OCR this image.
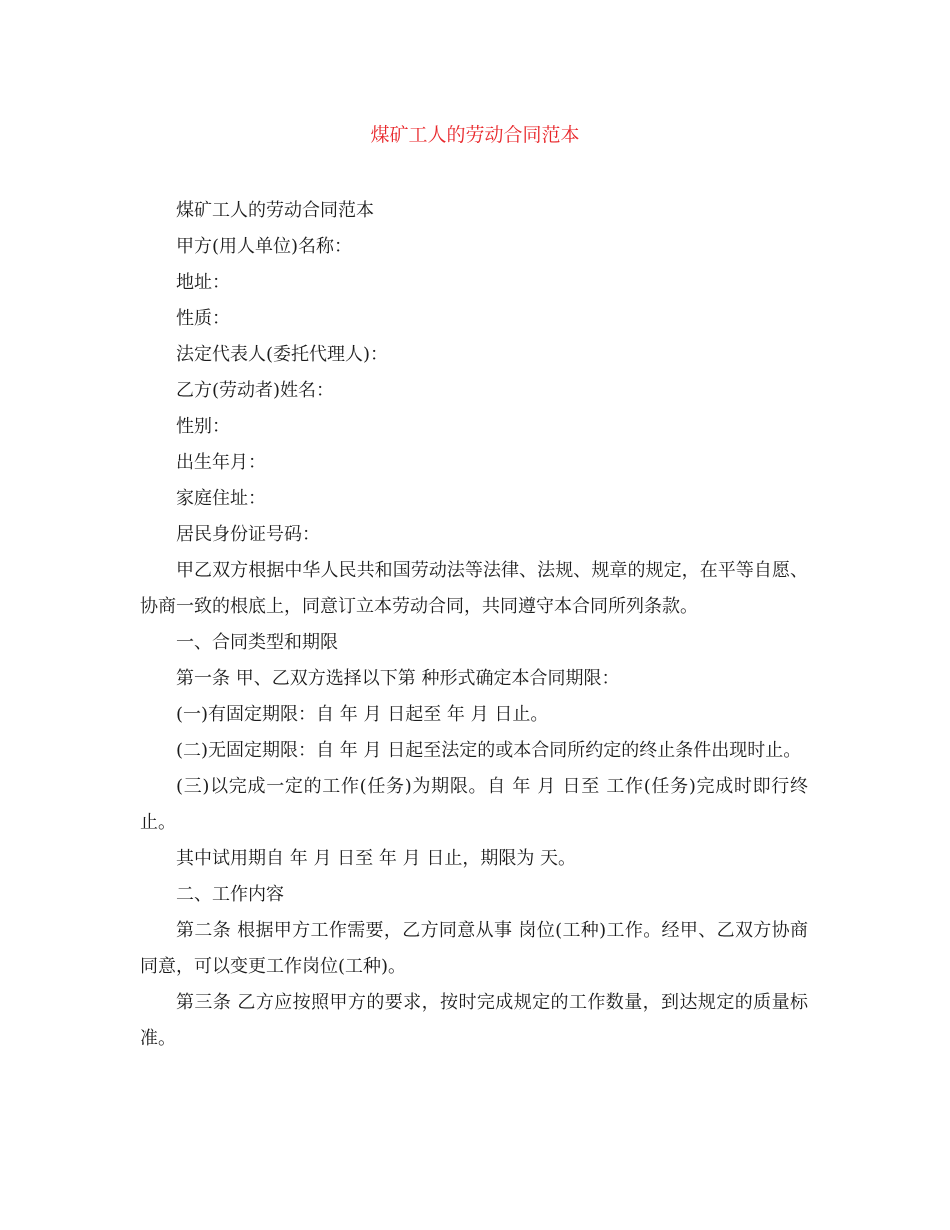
煤矿工人的劳动合同范本

煤矿工人的劳动合同范本

甲方(用人单位)名称：

地址：

性质：

法定代表人(委托代理人)：

乙方(劳动者)姓名：

性别：

出生年月：

家庭住址：

居民身份证号码：

甲乙双方根据中华人民共和国劳动法等法律、法规、规章的规定，在平等自愿、协商一致的根底上，同意订立本劳动合同，共同遵守本合同所列条款。

一、合同类型和期限

第一条 甲、乙双方选择以下第 种形式确定本合同期限：

(一)有固定期限：自 年 月 日起至 年 月 日止。

(二)无固定期限：自 年 月 日起至法定的或本合同所约定的终止条件出现时止。

(三)以完成一定的工作(任务)为期限。自 年 月 日至 工作(任务)完成时即行终止。

其中试用期自 年 月 日至 年 月 日止，期限为 天。

二、工作内容

第二条 根据甲方工作需要，乙方同意从事 岗位(工种)工作。经甲、乙双方协商同意，可以变更工作岗位(工种)。

第三条 乙方应按照甲方的要求，按时完成规定的工作数量，到达规定的质量标准。
